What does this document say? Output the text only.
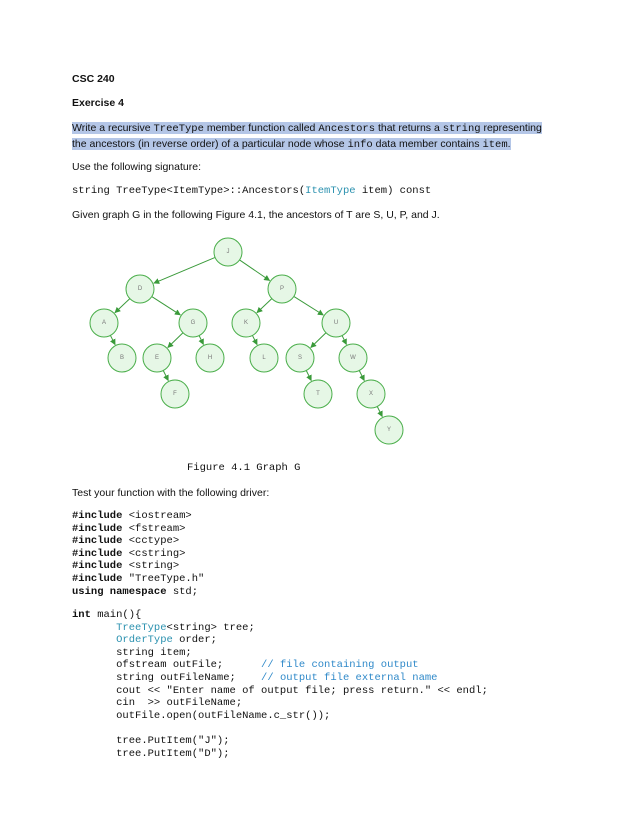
CSC 240
Exercise 4
Write a recursive TreeType member function called Ancestors that returns a string representing
the ancestors (in reverse order) of a particular node whose info data member contains item.
Use the following signature:
string TreeType<ItemType>::Ancestors(ItemType item) const
Given graph G in the following Figure 4.1, the ancestors of T are S, U, P, and J.
Figure 4.1 Graph G
Test your function with the following driver:
#include <iostream>
#include <fstream>
#include <cctype>
#include <cstring>
#include <string>
#include "TreeType.h"
using namespace std;
int main(){
TreeType<string> tree;
OrderType order;
string item;
ofstream outFile;      // file containing output
string outFileName;    // output file external name
cout << "Enter name of output file; press return." << endl;
cin  >> outFileName;
outFile.open(outFileName.c_str());

tree.PutItem("J");
tree.PutItem("D");
J
D	P
A	G	K	U
B	E	H	L	S	W
F	T	X
Y
